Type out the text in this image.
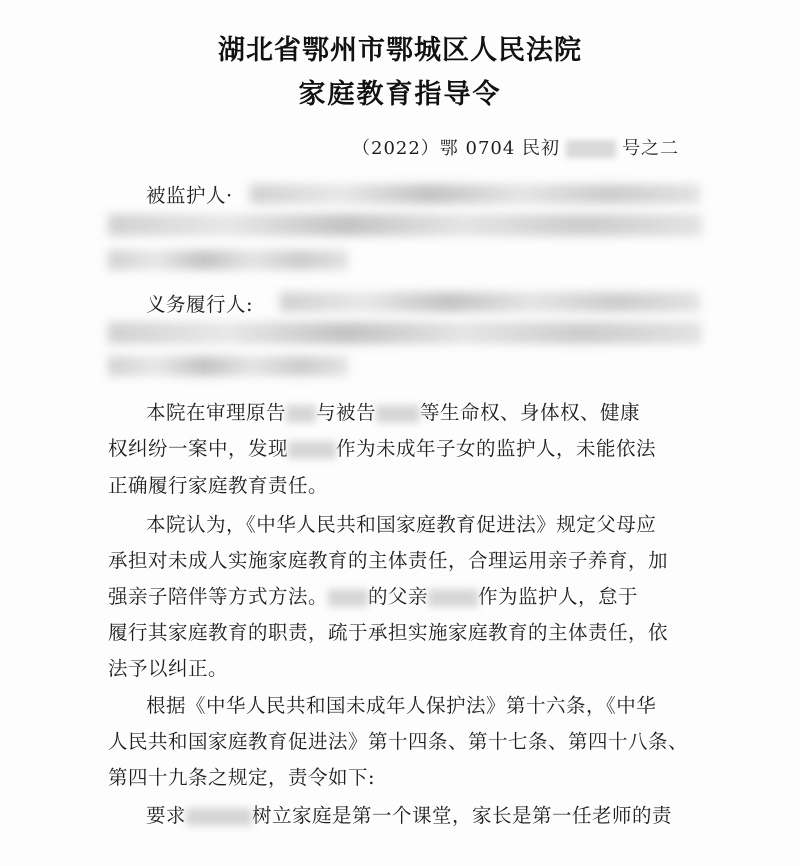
湖北省鄂州市鄂城区人民法院
家庭教育指导令
（2022）鄂 0704 民初	号之二
被监护人·
义务履行人:
本院在审理原告 与被告 等生命权、身体权、健康
权纠纷一案中，发现 作为未成年子女的监护人，未能依法
正确履行家庭教育责任。
本院认为，《中华人民共和国家庭教育促进法》规定父母应
承担对未成人实施家庭教育的主体责任，合理运用亲子养育，加
强亲子陪伴等方式方法。 的父亲	作为监护人，怠于
履行其家庭教育的职责，疏于承担实施家庭教育的主体责任，依
法予以纠正。
根据《中华人民共和国未成年人保护法》第十六条，《中华
人民共和国家庭教育促进法》第十四条、第十七条、第四十八条、
第四十九条之规定，责令如下:
要求	树立家庭是第一个课堂，家长是第一任老师的责
